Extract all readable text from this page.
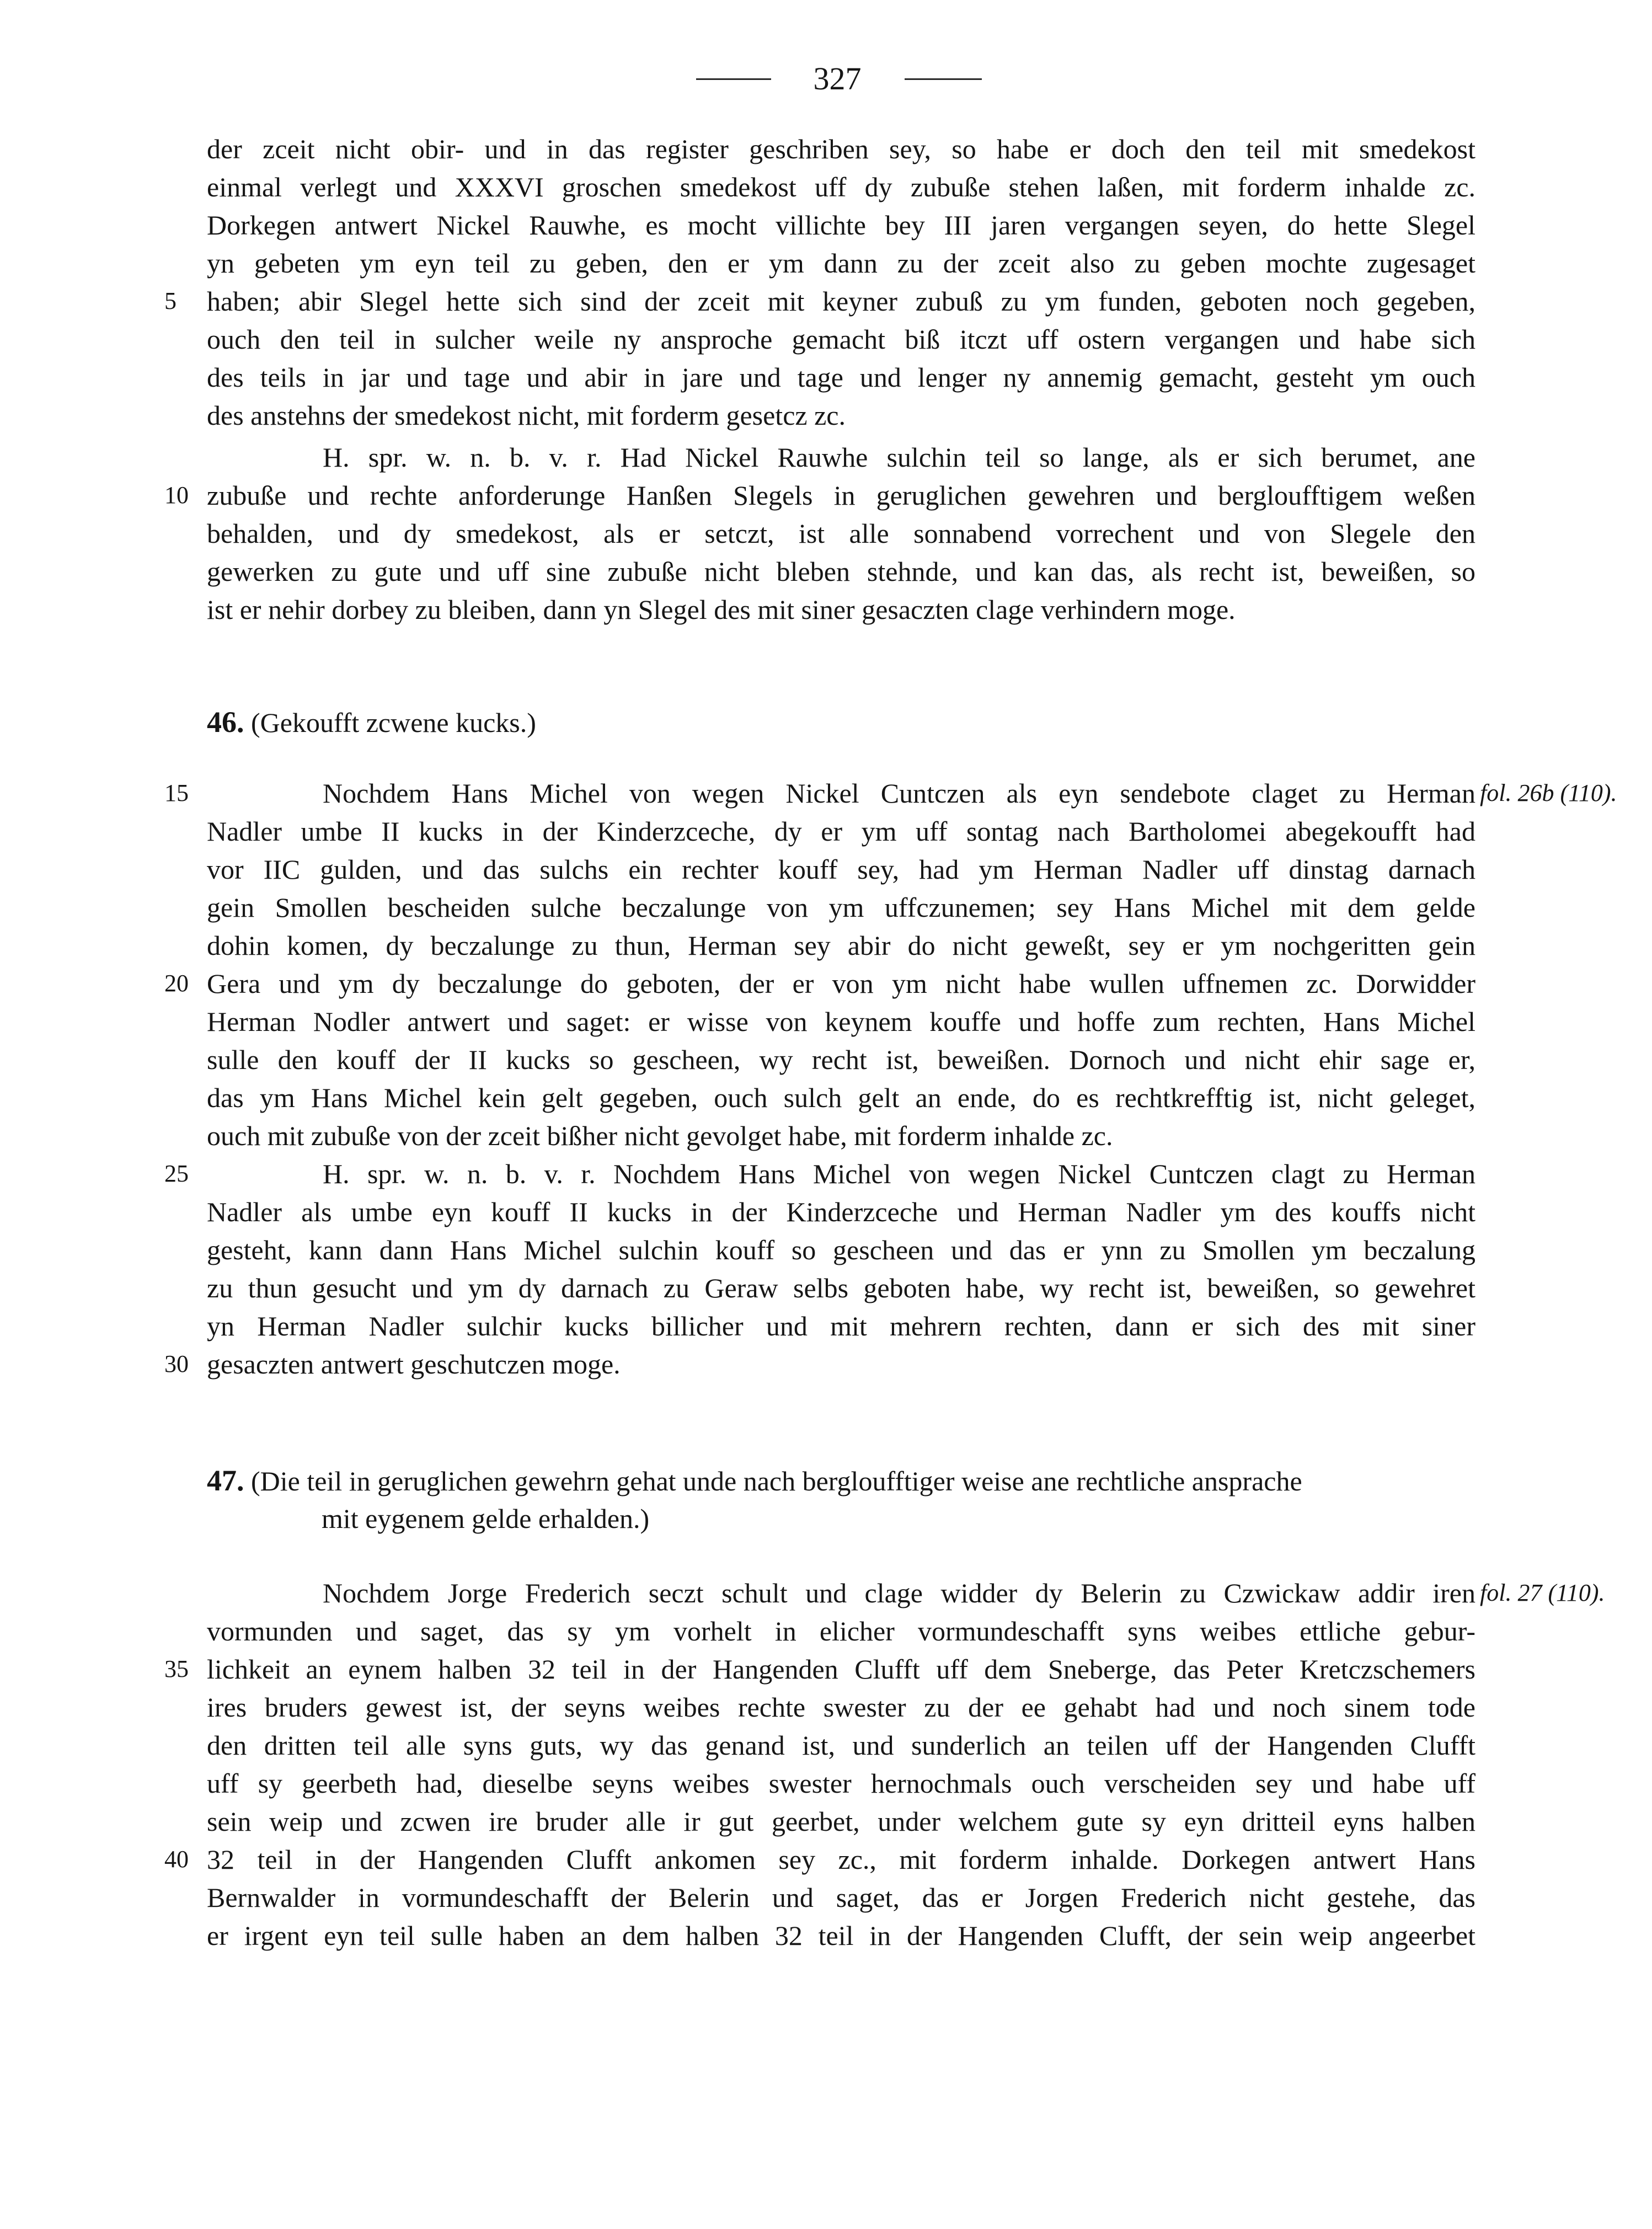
327
der zceit nicht obir- und in das register geschriben sey, so habe er doch den teil mit smedekost
einmal verlegt und XXXVI groschen smedekost uff dy zubuße stehen laßen, mit forderm inhalde zc.
Dorkegen antwert Nickel Rauwhe, es mocht villichte bey III jaren vergangen seyen, do hette Slegel
yn gebeten ym eyn teil zu geben, den er ym dann zu der zceit also zu geben mochte zugesaget
haben; abir Slegel hette sich sind der zceit mit keyner zubuß zu ym funden, geboten noch gegeben,
ouch den teil in sulcher weile ny ansproche gemacht biß itczt uff ostern vergangen und habe sich
des teils in jar und tage und abir in jare und tage und lenger ny annemig gemacht, gesteht ym ouch
des anstehns der smedekost nicht, mit forderm gesetcz zc.
H. spr. w. n. b. v. r. Had Nickel Rauwhe sulchin teil so lange, als er sich berumet, ane
zubuße und rechte anforderunge Hanßen Slegels in geruglichen gewehren und bergloufftigem weßen
behalden, und dy smedekost, als er setczt, ist alle sonnabend vorrechent und von Slegele den
gewerken zu gute und uff sine zubuße nicht bleben stehnde, und kan das, als recht ist, beweißen, so
ist er nehir dorbey zu bleiben, dann yn Slegel des mit siner gesaczten clage verhindern moge.
46. (Gekoufft zcwene kucks.)
Nochdem Hans Michel von wegen Nickel Cuntczen als eyn sendebote claget zu Herman
Nadler umbe II kucks in der Kinderzceche, dy er ym uff sontag nach Bartholomei abegekoufft had
vor IIC gulden, und das sulchs ein rechter kouff sey, had ym Herman Nadler uff dinstag darnach
gein Smollen bescheiden sulche beczalunge von ym uffczunemen; sey Hans Michel mit dem gelde
dohin komen, dy beczalunge zu thun, Herman sey abir do nicht geweßt, sey er ym nochgeritten gein
Gera und ym dy beczalunge do geboten, der er von ym nicht habe wullen uffnemen zc. Dorwidder
Herman Nodler antwert und saget: er wisse von keynem kouffe und hoffe zum rechten, Hans Michel
sulle den kouff der II kucks so gescheen, wy recht ist, beweißen. Dornoch und nicht ehir sage er,
das ym Hans Michel kein gelt gegeben, ouch sulch gelt an ende, do es rechtkrefftig ist, nicht geleget,
ouch mit zubuße von der zceit bißher nicht gevolget habe, mit forderm inhalde zc.
H. spr. w. n. b. v. r. Nochdem Hans Michel von wegen Nickel Cuntczen clagt zu Herman
Nadler als umbe eyn kouff II kucks in der Kinderzceche und Herman Nadler ym des kouffs nicht
gesteht, kann dann Hans Michel sulchin kouff so gescheen und das er ynn zu Smollen ym beczalung
zu thun gesucht und ym dy darnach zu Geraw selbs geboten habe, wy recht ist, beweißen, so gewehret
yn Herman Nadler sulchir kucks billicher und mit mehrern rechten, dann er sich des mit siner
gesaczten antwert geschutczen moge.
47. (Die teil in geruglichen gewehrn gehat unde nach bergloufftiger weise ane rechtliche ansprache
mit eygenem gelde erhalden.)
Nochdem Jorge Frederich seczt schult und clage widder dy Belerin zu Czwickaw addir iren
vormunden und saget, das sy ym vorhelt in elicher vormundeschafft syns weibes ettliche gebur-
lichkeit an eynem halben 32 teil in der Hangenden Clufft uff dem Sneberge, das Peter Kretczschemers
ires bruders gewest ist, der seyns weibes rechte swester zu der ee gehabt had und noch sinem tode
den dritten teil alle syns guts, wy das genand ist, und sunderlich an teilen uff der Hangenden Clufft
uff sy geerbeth had, dieselbe seyns weibes swester hernochmals ouch verscheiden sey und habe uff
sein weip und zcwen ire bruder alle ir gut geerbet, under welchem gute sy eyn dritteil eyns halben
32 teil in der Hangenden Clufft ankomen sey zc., mit forderm inhalde. Dorkegen antwert Hans
Bernwalder in vormundeschafft der Belerin und saget, das er Jorgen Frederich nicht gestehe, das
er irgent eyn teil sulle haben an dem halben 32 teil in der Hangenden Clufft, der sein weip angeerbet
5
10
15
20
25
30
35
40
fol. 26b (110).
fol. 27 (110).
